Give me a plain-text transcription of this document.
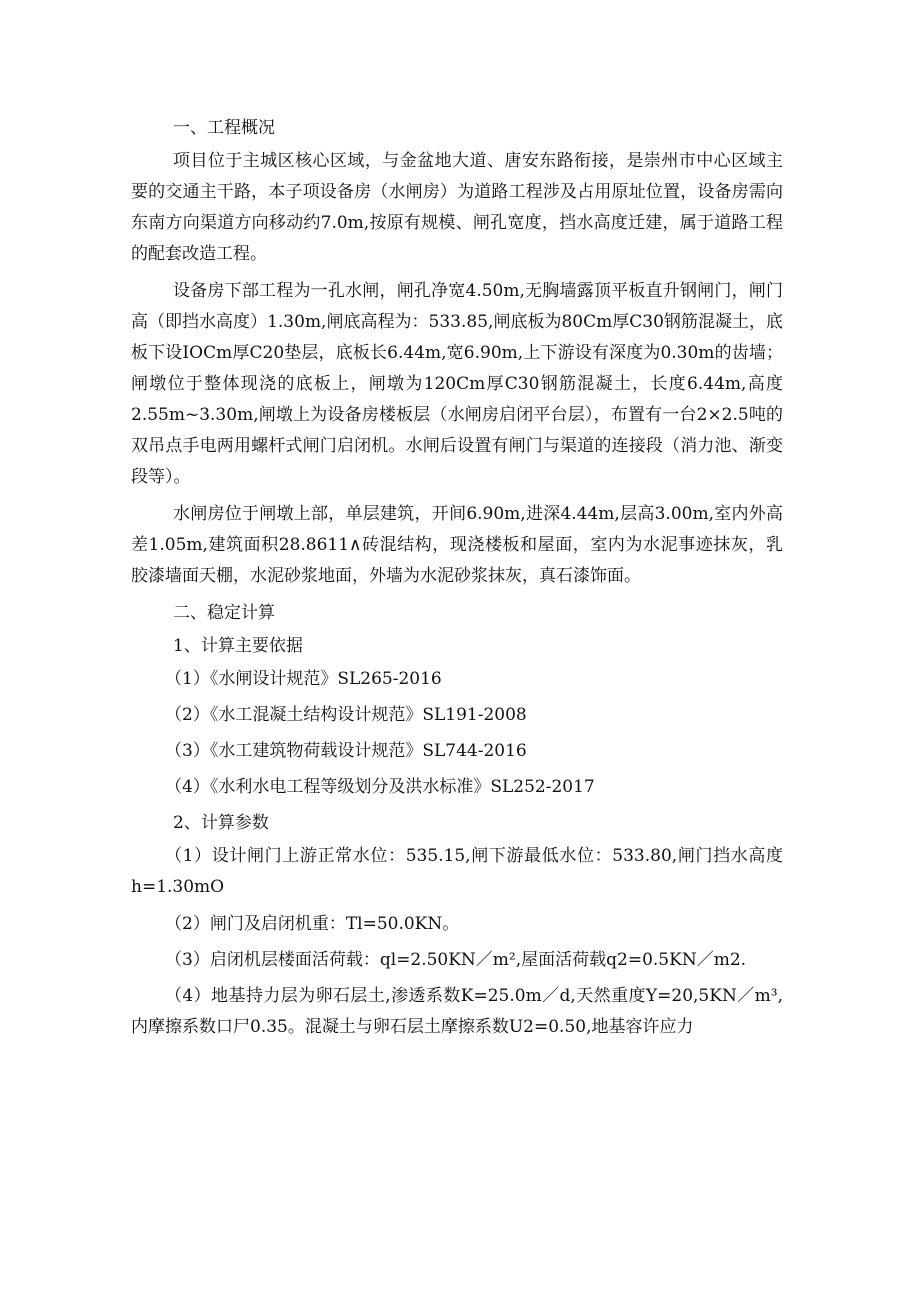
一、工程概况

项目位于主城区核心区域，与金盆地大道、唐安东路衔接，是崇州市中心区域主要的交通主干路，本子项设备房（水闸房）为道路工程涉及占用原址位置，设备房需向东南方向渠道方向移动约7.0m,按原有规模、闸孔宽度，挡水高度迁建，属于道路工程的配套改造工程。

设备房下部工程为一孔水闸，闸孔净宽4.50m,无胸墙露顶平板直升钢闸门，闸门高（即挡水高度）1.30m,闸底高程为：533.85,闸底板为80Cm厚C30钢筋混凝土，底板下设IOCm厚C20垫层，底板长6.44m,宽6.90m,上下游设有深度为0.30m的齿墙；闸墩位于整体现浇的底板上，闸墩为120Cm厚C30钢筋混凝土，长度6.44m,高度2.55m~3.30m,闸墩上为设备房楼板层（水闸房启闭平台层），布置有一台2×2.5吨的双吊点手电两用螺杆式闸门启闭机。水闸后设置有闸门与渠道的连接段（消力池、渐变段等）。

水闸房位于闸墩上部，单层建筑，开间6.90m,进深4.44m,层高3.00m,室内外高差1.05m,建筑面积28.8611∧砖混结构，现浇楼板和屋面，室内为水泥事迹抹灰，乳胶漆墙面天棚，水泥砂浆地面，外墙为水泥砂浆抹灰，真石漆饰面。

二、稳定计算

1、计算主要依据

（1）《水闸设计规范》SL265-2016

（2）《水工混凝土结构设计规范》SL191-2008

（3）《水工建筑物荷载设计规范》SL744-2016

（4）《水利水电工程等级划分及洪水标准》SL252-2017

2、计算参数

（1）设计闸门上游正常水位：535.15,闸下游最低水位：533.80,闸门挡水高度h=1.30mO

（2）闸门及启闭机重：Tl=50.0KN。

（3）启闭机层楼面活荷载：ql=2.50KN／m²,屋面活荷载q2=0.5KN／m2.

（4）地基持力层为卵石层土,渗透系数K=25.0m／d,天然重度Y=20,5KN／m³,内摩擦系数口尸0.35。混凝土与卵石层土摩擦系数U2=0.50,地基容许应力
